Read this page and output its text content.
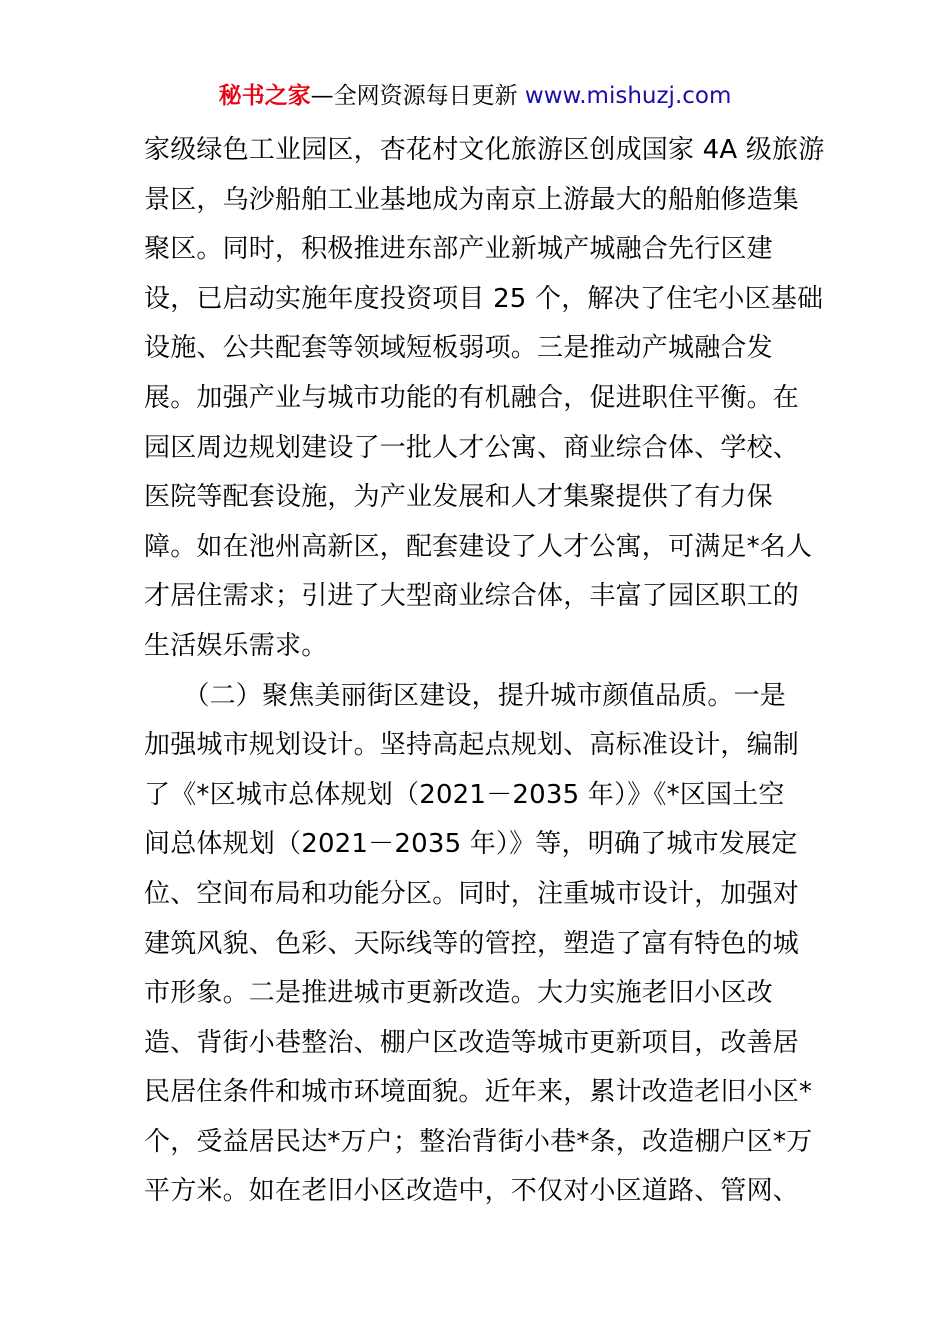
秘书之家—全网资源每日更新 www.mishuzj.com
家级绿色工业园区，杏花村文化旅游区创成国家 4A 级旅游
景区，乌沙船舶工业基地成为南京上游最大的船舶修造集
聚区。同时，积极推进东部产业新城产城融合先行区建
设，已启动实施年度投资项目 25 个，解决了住宅小区基础
设施、公共配套等领域短板弱项。三是推动产城融合发
展。加强产业与城市功能的有机融合，促进职住平衡。在
园区周边规划建设了一批人才公寓、商业综合体、学校、
医院等配套设施，为产业发展和人才集聚提供了有力保
障。如在池州高新区，配套建设了人才公寓，可满足*名人
才居住需求；引进了大型商业综合体，丰富了园区职工的
生活娱乐需求。
　　（二）聚焦美丽街区建设，提升城市颜值品质。一是
加强城市规划设计。坚持高起点规划、高标准设计，编制
了《*区城市总体规划（2021－2035 年）》《*区国土空
间总体规划（2021－2035 年）》等，明确了城市发展定
位、空间布局和功能分区。同时，注重城市设计，加强对
建筑风貌、色彩、天际线等的管控，塑造了富有特色的城
市形象。二是推进城市更新改造。大力实施老旧小区改
造、背街小巷整治、棚户区改造等城市更新项目，改善居
民居住条件和城市环境面貌。近年来，累计改造老旧小区*
个，受益居民达*万户；整治背街小巷*条，改造棚户区*万
平方米。如在老旧小区改造中，不仅对小区道路、管网、
